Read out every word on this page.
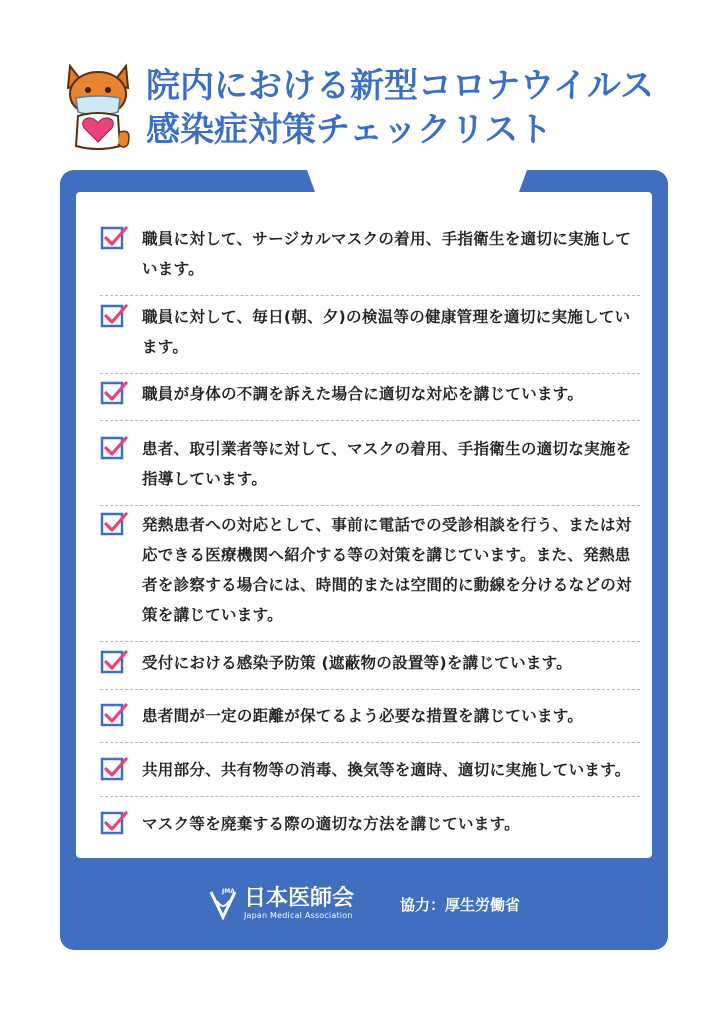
院内における新型コロナウイルス
感染症対策チェックリスト
職員に対して、サージカルマスクの着用、手指衛生を適切に実施しています。
職員に対して、毎日(朝、夕)の検温等の健康管理を適切に実施しています。
職員が身体の不調を訴えた場合に適切な対応を講じています。
患者、取引業者等に対して、マスクの着用、手指衛生の適切な実施を指導しています。
発熱患者への対応として、事前に電話での受診相談を行う、または対応できる医療機関へ紹介する等の対策を講じています。また、発熱患者を診察する場合には、時間的または空間的に動線を分けるなどの対策を講じています。
受付における感染予防策 (遮蔽物の設置等)を講じています。
患者間が一定の距離が保てるよう必要な措置を講じています。
共用部分、共有物等の消毒、換気等を適時、適切に実施しています。
マスク等を廃棄する際の適切な方法を講じています。
JMA 日本医師会
Japan Medical Association
協力：厚生労働省
